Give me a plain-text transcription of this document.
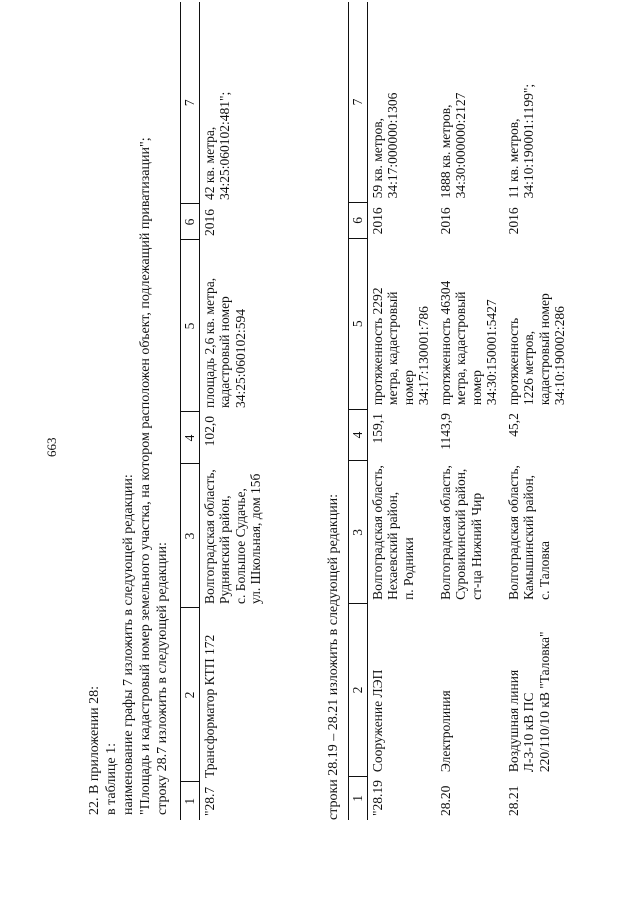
663
22. В приложении 28: в таблице 1: наименование графы 7 изложить в следующей редакции: "Площадь и кадастровый номер земельного участка, на котором расположен объект, подлежащий приватизации"; строку 28.7 изложить в следующей редакции: 1	2	3	4	5	6	7
"28.7	Трансформатор КТП 172	Волгоградская область,
Руднянский район,
с. Большое Судачье,
ул. Школьная, дом 15б	102,0	площадь 2,6 кв. метра,
кадастровый номер
34:25:060102:594	2016	42 кв. метра,
34:25:060102:481";
строки 28.19 – 28.21 изложить в следующей редакции: 1	2	3	4	5	6	7
"28.19	Сооружение ЛЭП	Волгоградская область,
Нехаевский район,
п. Родники	159,1	протяженность 2292
метра, кадастровый
номер
34:17:130001:786	2016	59 кв. метров,
34:17:000000:1306
28.20	Электролиния	Волгоградская область,
Суровикинский район,
ст-ца Нижний Чир	1143,9	протяженность 46304
метра, кадастровый
номер
34:30:150001:5427	2016	1888 кв. метров,
34:30:000000:2127
28.21	Воздушная линия
Л-3-10 кВ ПС
220/110/10 кВ "Таловка"	Волгоградская область,
Камышинский район,
с. Таловка	45,2	протяженность
1226 метров,
кадастровый номер
34:10:190002:286	2016	11 кв. метров,
34:10:190001:1199";
